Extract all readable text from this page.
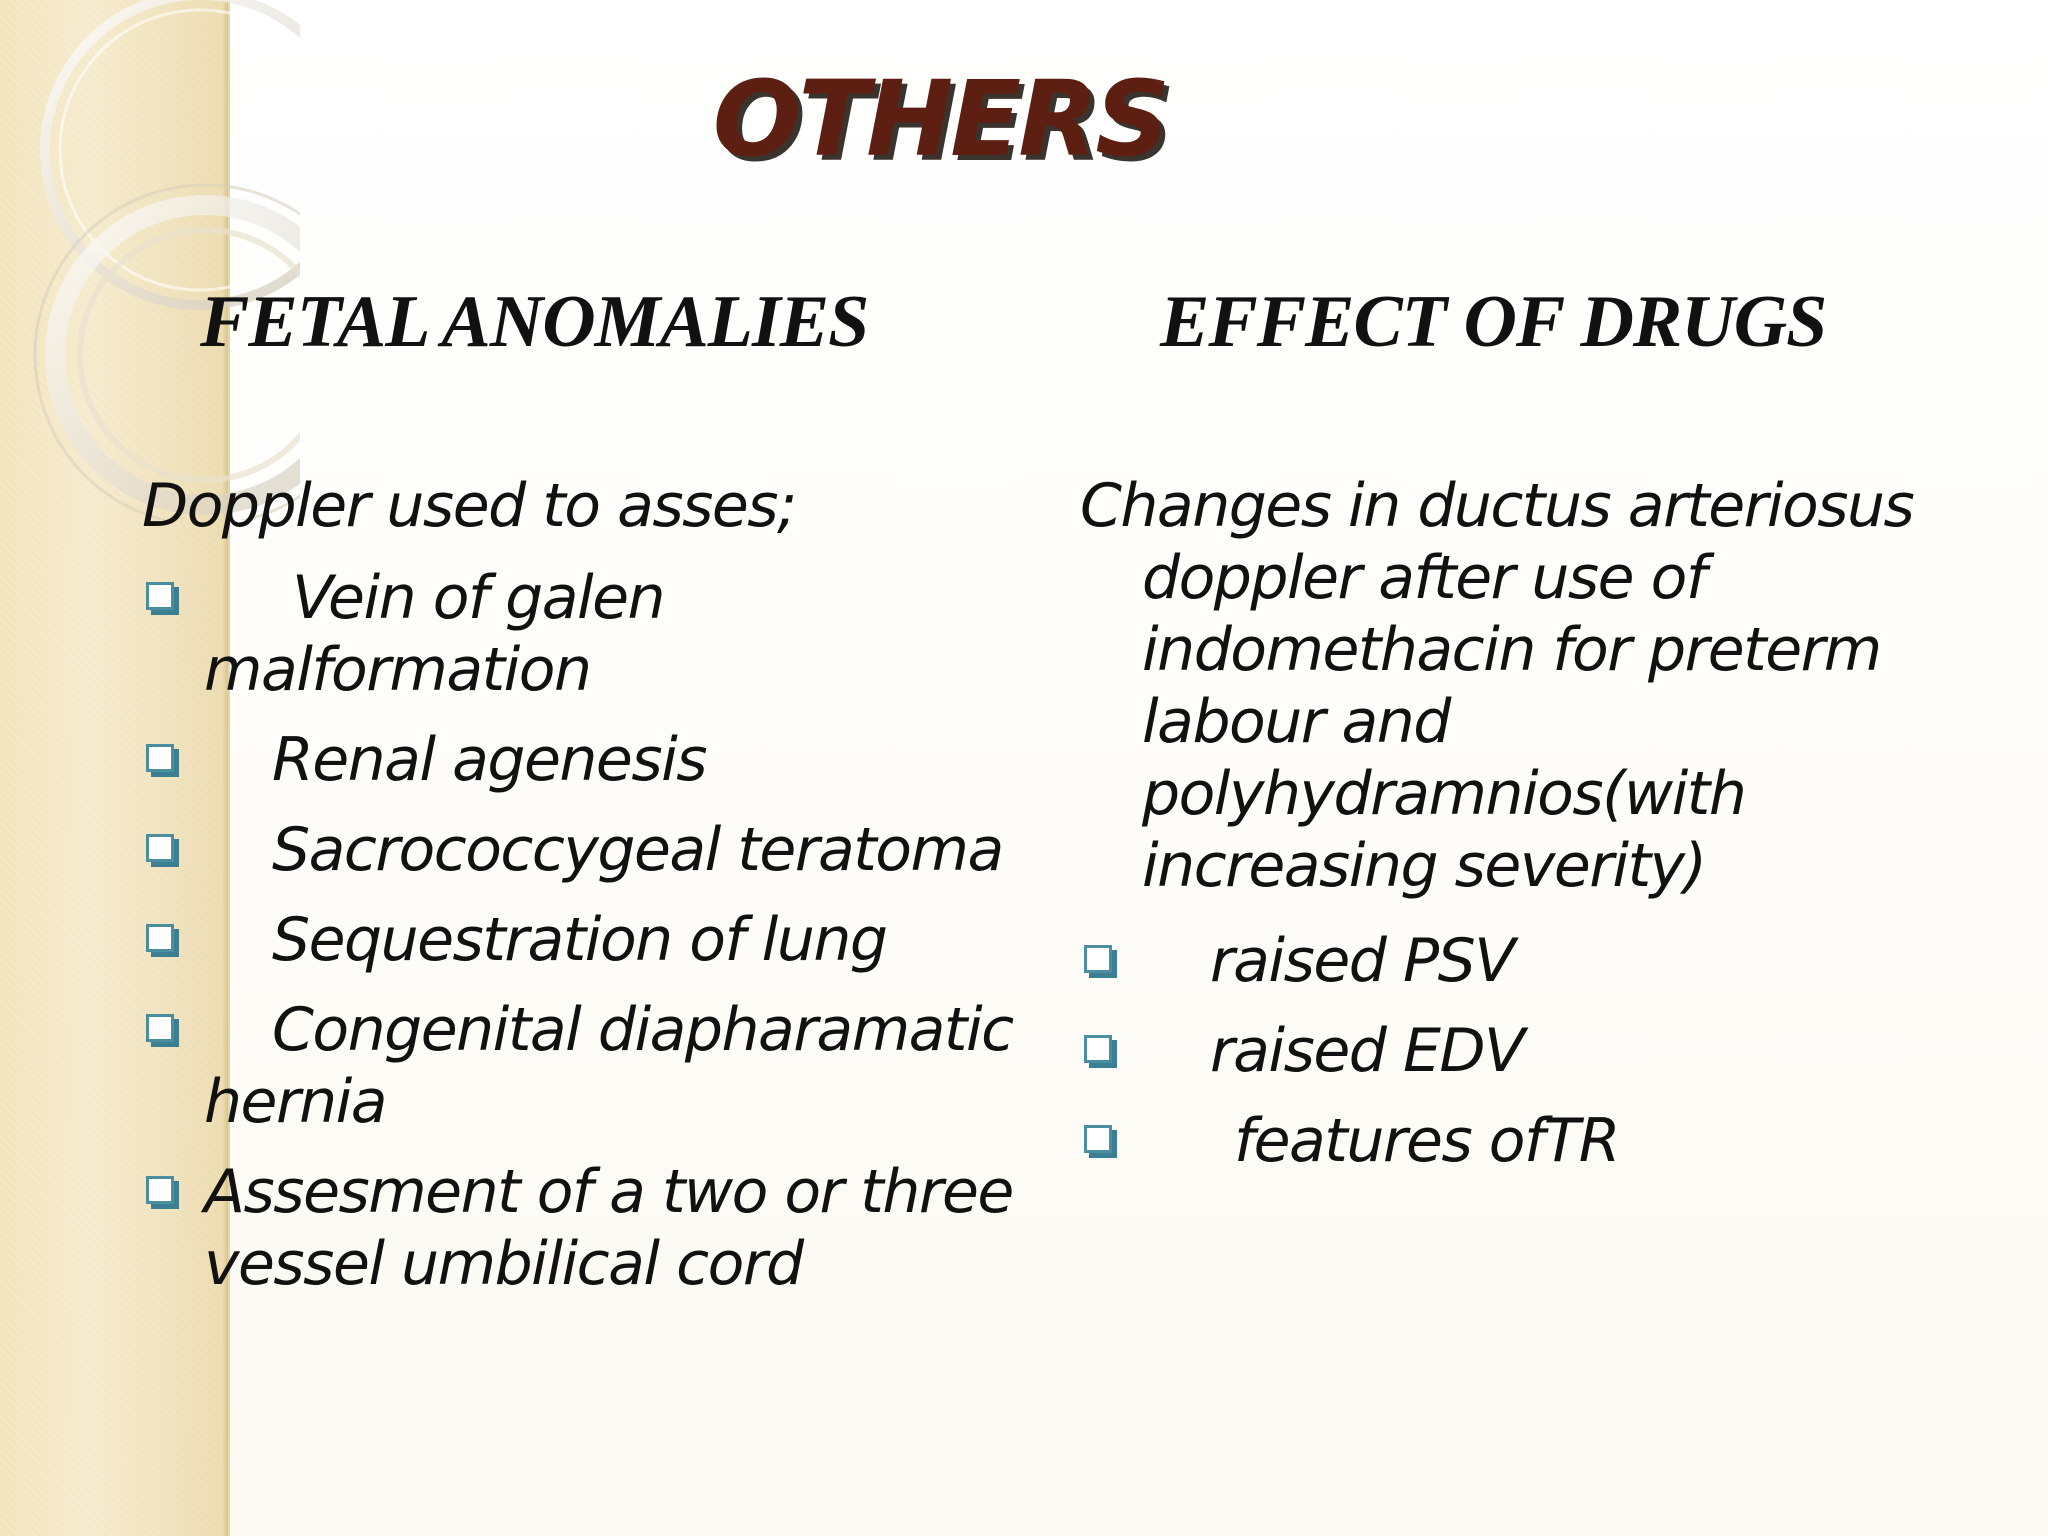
OTHERS
FETAL ANOMALIES	EFFECT OF DRUGS

Doppler used to asses;

Vein of galen malformation
Renal agenesis
Sacrococcygeal teratoma
Sequestration of lung
Congenital diapharamatic hernia
Assesment of a two or three vessel umbilical cord

Changes in ductus arteriosus doppler after use of indomethacin for preterm labour and polyhydramnios(with increasing severity)

raised PSV
raised EDV
features ofTR
